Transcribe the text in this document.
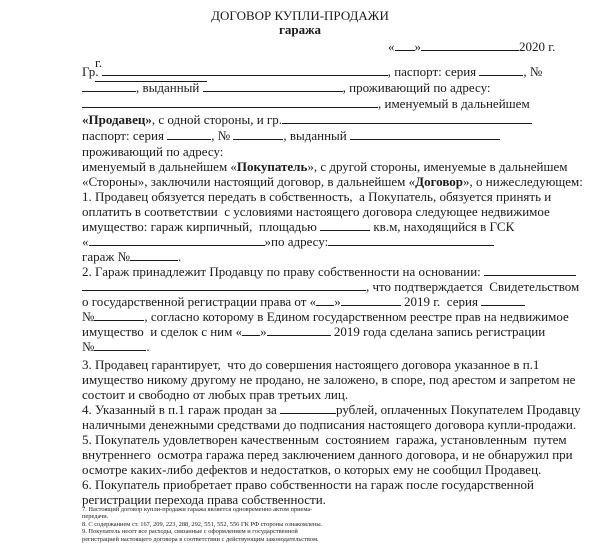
ДОГОВОР КУПЛИ-ПРОДАЖИ
гаража

г.

« »	2020 г.
Гр.	, паспорт: серия	, №
, выданный	, проживающий по адресу:
, именуемый в дальнейшем
«Продавец», с одной стороны, и гр.
паспорт: серия	, №	, выданный
проживающий по адресу:
именуемый в дальнейшем «Покупатель», с другой стороны, именуемые в дальнейшем
«Стороны», заключили настоящий договор, в дальнейшем «Договор», о нижеследующем:
1. Продавец обязуется передать в собственность,  а Покупатель, обязуется принять и
оплатить в соответствии  с условиями настоящего договора следующее недвижимое
имущество: гараж кирпичный,  площадью	кв.м, находящийся в ГСК
«	»по адресу:
гараж №	.
2. Гараж принадлежит Продавцу по праву собственности на основании:
, что подтверждается  Свидетельством
о государственной регистрации права от « »	2019 г.  серия
№	, согласно которому в Едином государственном реестре прав на недвижимое
имущество  и сделок с ним « »	2019 года сделана запись регистрации
№	.
3. Продавец гарантирует,  что до совершения настоящего договора указанное в п.1
имущество никому другому не продано, не заложено, в споре, под арестом и запретом не
состоит и свободно от любых прав третьих лиц.
4. Указанный в п.1 гараж продан за	рублей, оплаченных Покупателем Продавцу
наличными денежными средствами до подписания настоящего договора купли-продажи.
5. Покупатель удовлетворен качественным  состоянием  гаража, установленным  путем
внутреннего  осмотра гаража перед заключением данного договора, и не обнаружил при
осмотре каких-либо дефектов и недостатков, о которых ему не сообщил Продавец.
6. Покупатель приобретает право собственности на гараж после государственной
регистрации перехода права собственности.
7. Настоящий договор купли-продажи гаража является одновременно актом приема-
передачи.
8. С содержанием ст. 167, 209, 223, 288, 292, 551, 552, 556 ГК РФ стороны ознакомлены.
9. Покупатель несет все расходы, связанные с оформлением и государственной
регистрацией настоящего договора в соответствии с действующим законодательством.
